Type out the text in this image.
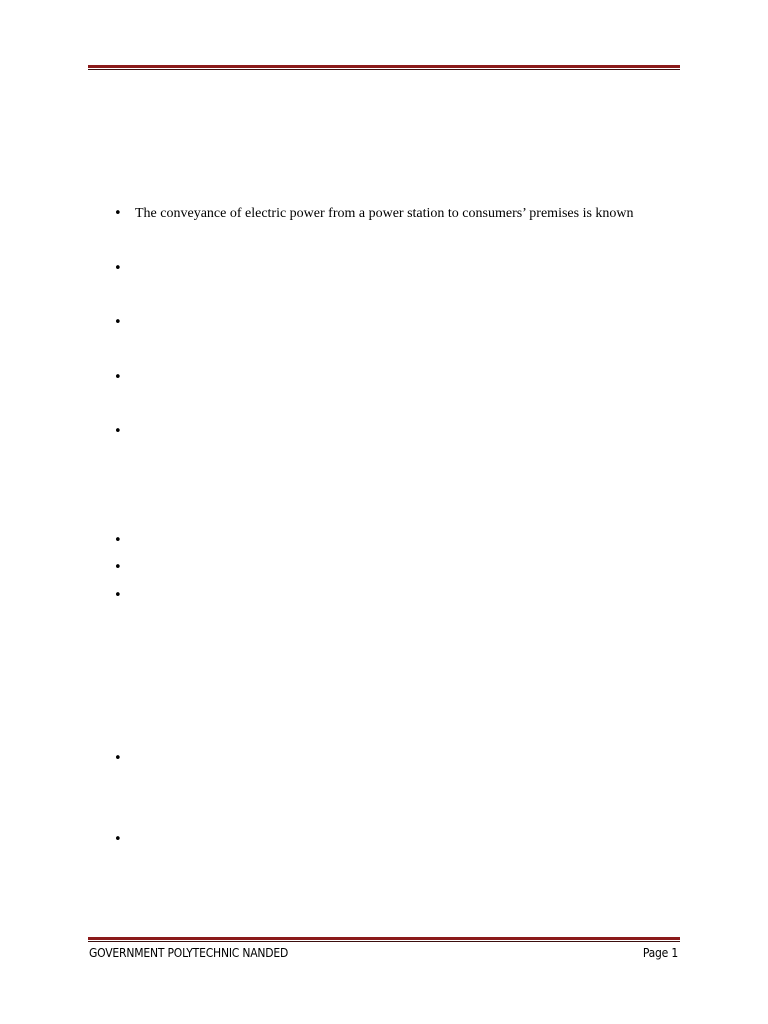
• The conveyance of electric power from a power station to consumers’ premises is known
•
•
•
•
•
•
•
•
•
GOVERNMENT POLYTECHNIC NANDED	Page 1
